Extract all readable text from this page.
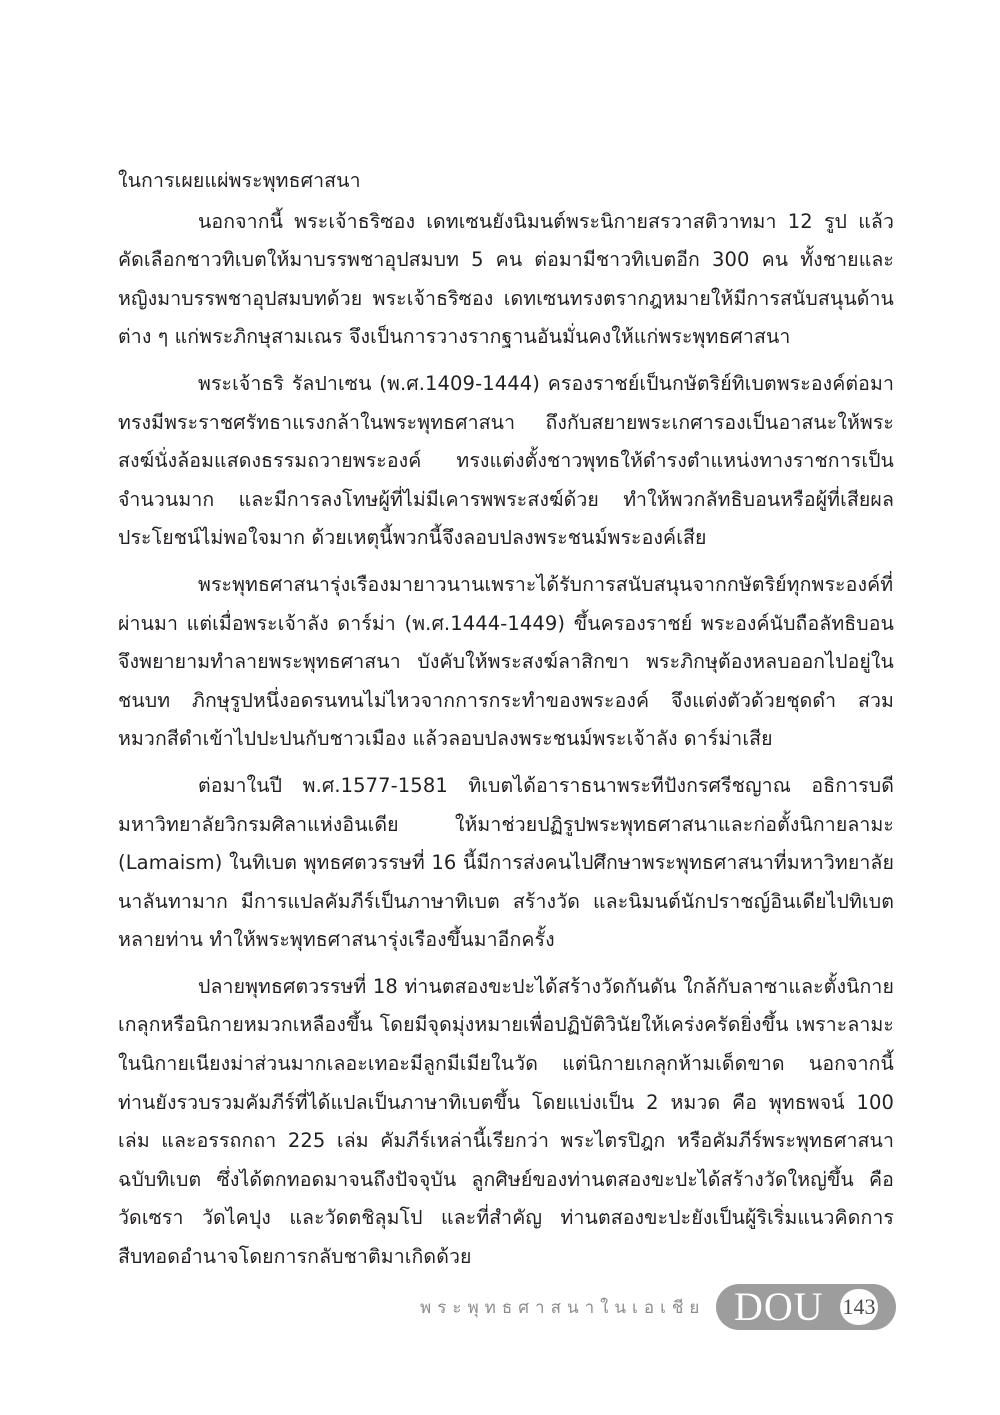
ในการเผยแผ่พระพุทธศาสนา

นอกจากนี้ พระเจ้าธริซอง เดทเซนยังนิมนต์พระนิกายสรวาสติวาทมา 12 รูป แล้วคัดเลือกชาวทิเบตให้มาบรรพชาอุปสมบท 5 คน ต่อมามีชาวทิเบตอีก 300 คน ทั้งชายและหญิงมาบรรพชาอุปสมบทด้วย พระเจ้าธริซอง เดทเซนทรงตรากฎหมายให้มีการสนับสนุนด้านต่าง ๆ แก่พระภิกษุสามเณร จึงเป็นการวางรากฐานอันมั่นคงให้แก่พระพุทธศาสนา

พระเจ้าธริ รัลปาเซน (พ.ศ.1409-1444) ครองราชย์เป็นกษัตริย์ทิเบตพระองค์ต่อมา ทรงมีพระราชศรัทธาแรงกล้าในพระพุทธศาสนา ถึงกับสยายพระเกศารองเป็นอาสนะให้พระสงฆ์นั่งล้อมแสดงธรรมถวายพระองค์ ทรงแต่งตั้งชาวพุทธให้ดำรงตำแหน่งทางราชการเป็นจำนวนมาก และมีการลงโทษผู้ที่ไม่มีเคารพพระสงฆ์ด้วย ทำให้พวกลัทธิบอนหรือผู้ที่เสียผลประโยชน์ไม่พอใจมาก ด้วยเหตุนี้พวกนี้จึงลอบปลงพระชนม์พระองค์เสีย

พระพุทธศาสนารุ่งเรืองมายาวนานเพราะได้รับการสนับสนุนจากกษัตริย์ทุกพระองค์ที่ผ่านมา แต่เมื่อพระเจ้าลัง ดาร์ม่า (พ.ศ.1444-1449) ขึ้นครองราชย์ พระองค์นับถือลัทธิบอน จึงพยายามทำลายพระพุทธศาสนา บังคับให้พระสงฆ์ลาสิกขา พระภิกษุต้องหลบออกไปอยู่ในชนบท ภิกษุรูปหนึ่งอดรนทนไม่ไหวจากการกระทำของพระองค์ จึงแต่งตัวด้วยชุดดำ สวมหมวกสีดำเข้าไปปะปนกับชาวเมือง แล้วลอบปลงพระชนม์พระเจ้าลัง ดาร์ม่าเสีย

ต่อมาในปี พ.ศ.1577-1581 ทิเบตได้อาราธนาพระทีปังกรศรีชญาณ อธิการบดีมหาวิทยาลัยวิกรมศิลาแห่งอินเดีย ให้มาช่วยปฏิรูปพระพุทธศาสนาและก่อตั้งนิกายลามะ (Lamaism) ในทิเบต พุทธศตวรรษที่ 16 นี้มีการส่งคนไปศึกษาพระพุทธศาสนาที่มหาวิทยาลัยนาลันทามาก มีการแปลคัมภีร์เป็นภาษาทิเบต สร้างวัด และนิมนต์นักปราชญ์อินเดียไปทิเบตหลายท่าน ทำให้พระพุทธศาสนารุ่งเรืองขึ้นมาอีกครั้ง

ปลายพุทธศตวรรษที่ 18 ท่านตสองขะปะได้สร้างวัดกันดัน ใกล้กับลาซาและตั้งนิกายเกลุกหรือนิกายหมวกเหลืองขึ้น โดยมีจุดมุ่งหมายเพื่อปฏิบัติวินัยให้เคร่งครัดยิ่งขึ้น เพราะลามะในนิกายเนียงม่าส่วนมากเลอะเทอะมีลูกมีเมียในวัด แต่นิกายเกลุกห้ามเด็ดขาด นอกจากนี้ท่านยังรวบรวมคัมภีร์ที่ได้แปลเป็นภาษาทิเบตขึ้น โดยแบ่งเป็น 2 หมวด คือ พุทธพจน์ 100 เล่ม และอรรถกถา 225 เล่ม คัมภีร์เหล่านี้เรียกว่า พระไตรปิฎก หรือคัมภีร์พระพุทธศาสนาฉบับทิเบต ซึ่งได้ตกทอดมาจนถึงปัจจุบัน ลูกศิษย์ของท่านตสองขะปะได้สร้างวัดใหญ่ขึ้น คือ วัดเซรา วัดไคปุง และวัดตชิลุมโป และที่สำคัญ ท่านตสองขะปะยังเป็นผู้ริเริ่มแนวคิดการสืบทอดอำนาจโดยการกลับชาติมาเกิดด้วย

พระพุทธศาสนาในเอเชีย DOU 143
